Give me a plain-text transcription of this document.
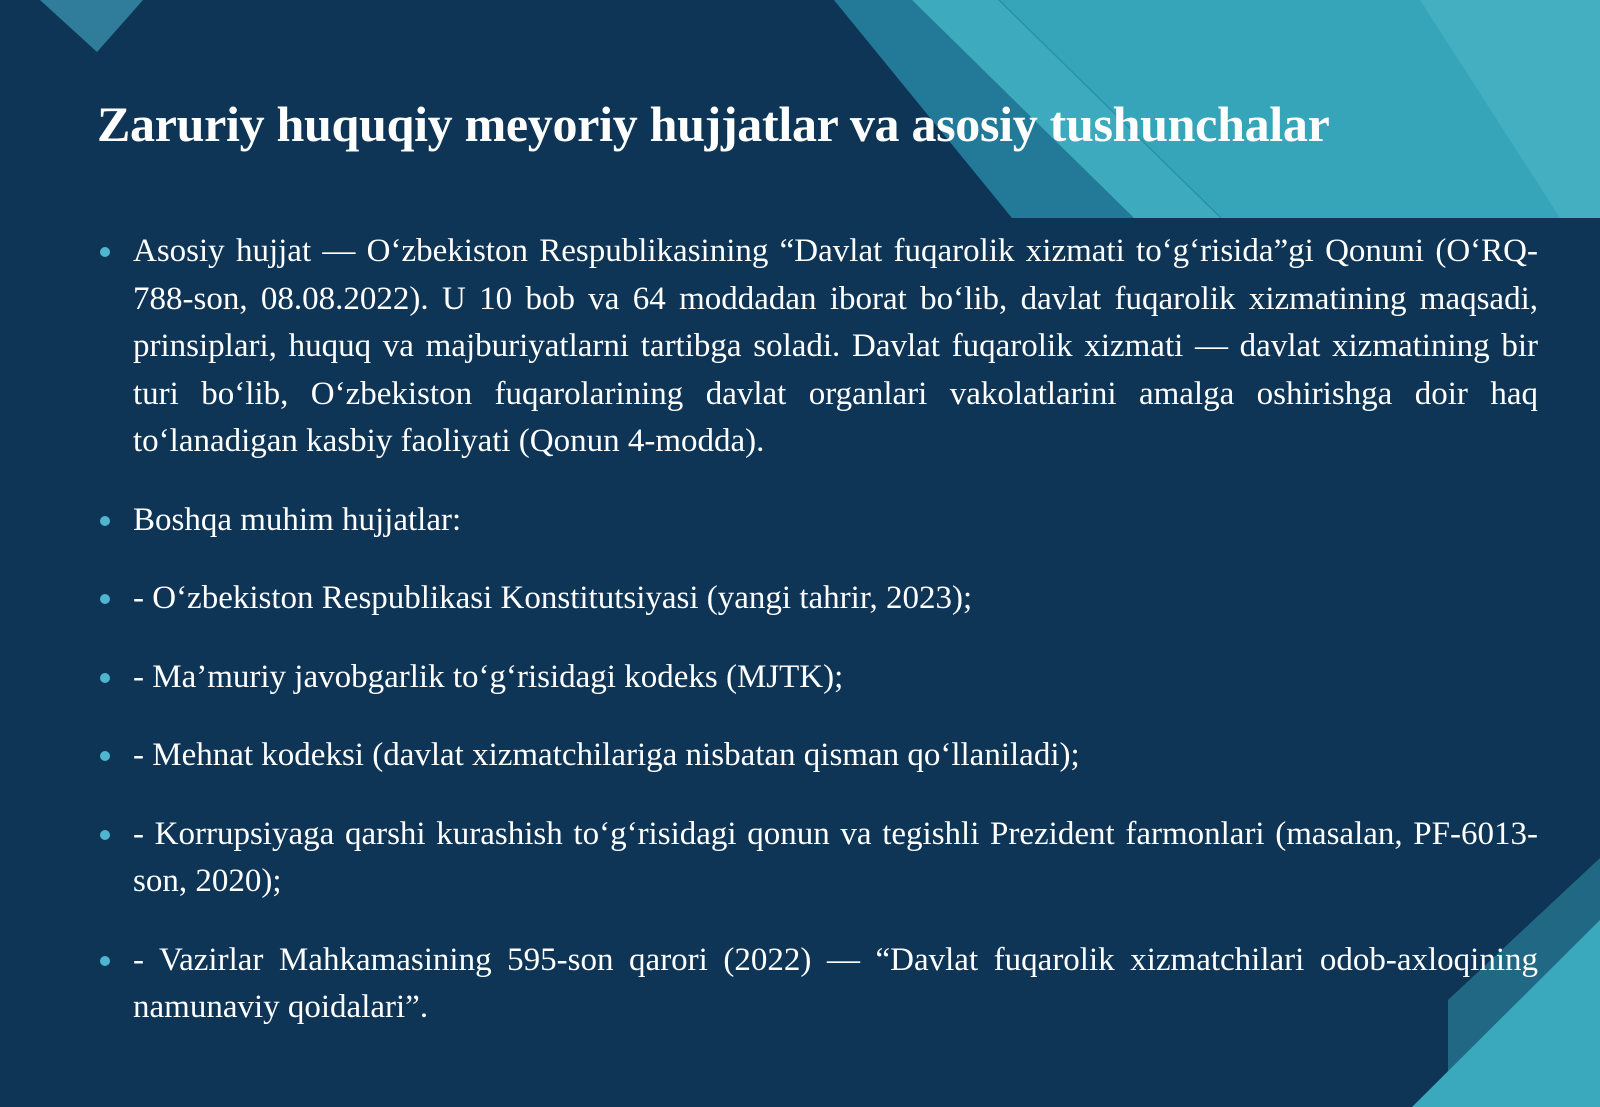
Zaruriy huquqiy meyoriy hujjatlar va asosiy tushunchalar
Asosiy hujjat — O‘zbekiston Respublikasining “Davlat fuqarolik xizmati to‘g‘risida”gi Qonuni (O‘RQ-788-son, 08.08.2022). U 10 bob va 64 moddadan iborat bo‘lib, davlat fuqarolik xizmatining maqsadi, prinsiplari, huquq va majburiyatlarni tartibga soladi. Davlat fuqarolik xizmati — davlat xizmatining bir turi bo‘lib, O‘zbekiston fuqarolarining davlat organlari vakolatlarini amalga oshirishga doir haq to‘lanadigan kasbiy faoliyati (Qonun 4-modda).
Boshqa muhim hujjatlar:
- O‘zbekiston Respublikasi Konstitutsiyasi (yangi tahrir, 2023);
- Ma’muriy javobgarlik to‘g‘risidagi kodeks (MJTK);
- Mehnat kodeksi (davlat xizmatchilariga nisbatan qisman qo‘llaniladi);
- Korrupsiyaga qarshi kurashish to‘g‘risidagi qonun va tegishli Prezident farmonlari (masalan, PF-6013-son, 2020);
- Vazirlar Mahkamasining 595-son qarori (2022) — “Davlat fuqarolik xizmatchilari odob-axloqining namunaviy qoidalari”.
